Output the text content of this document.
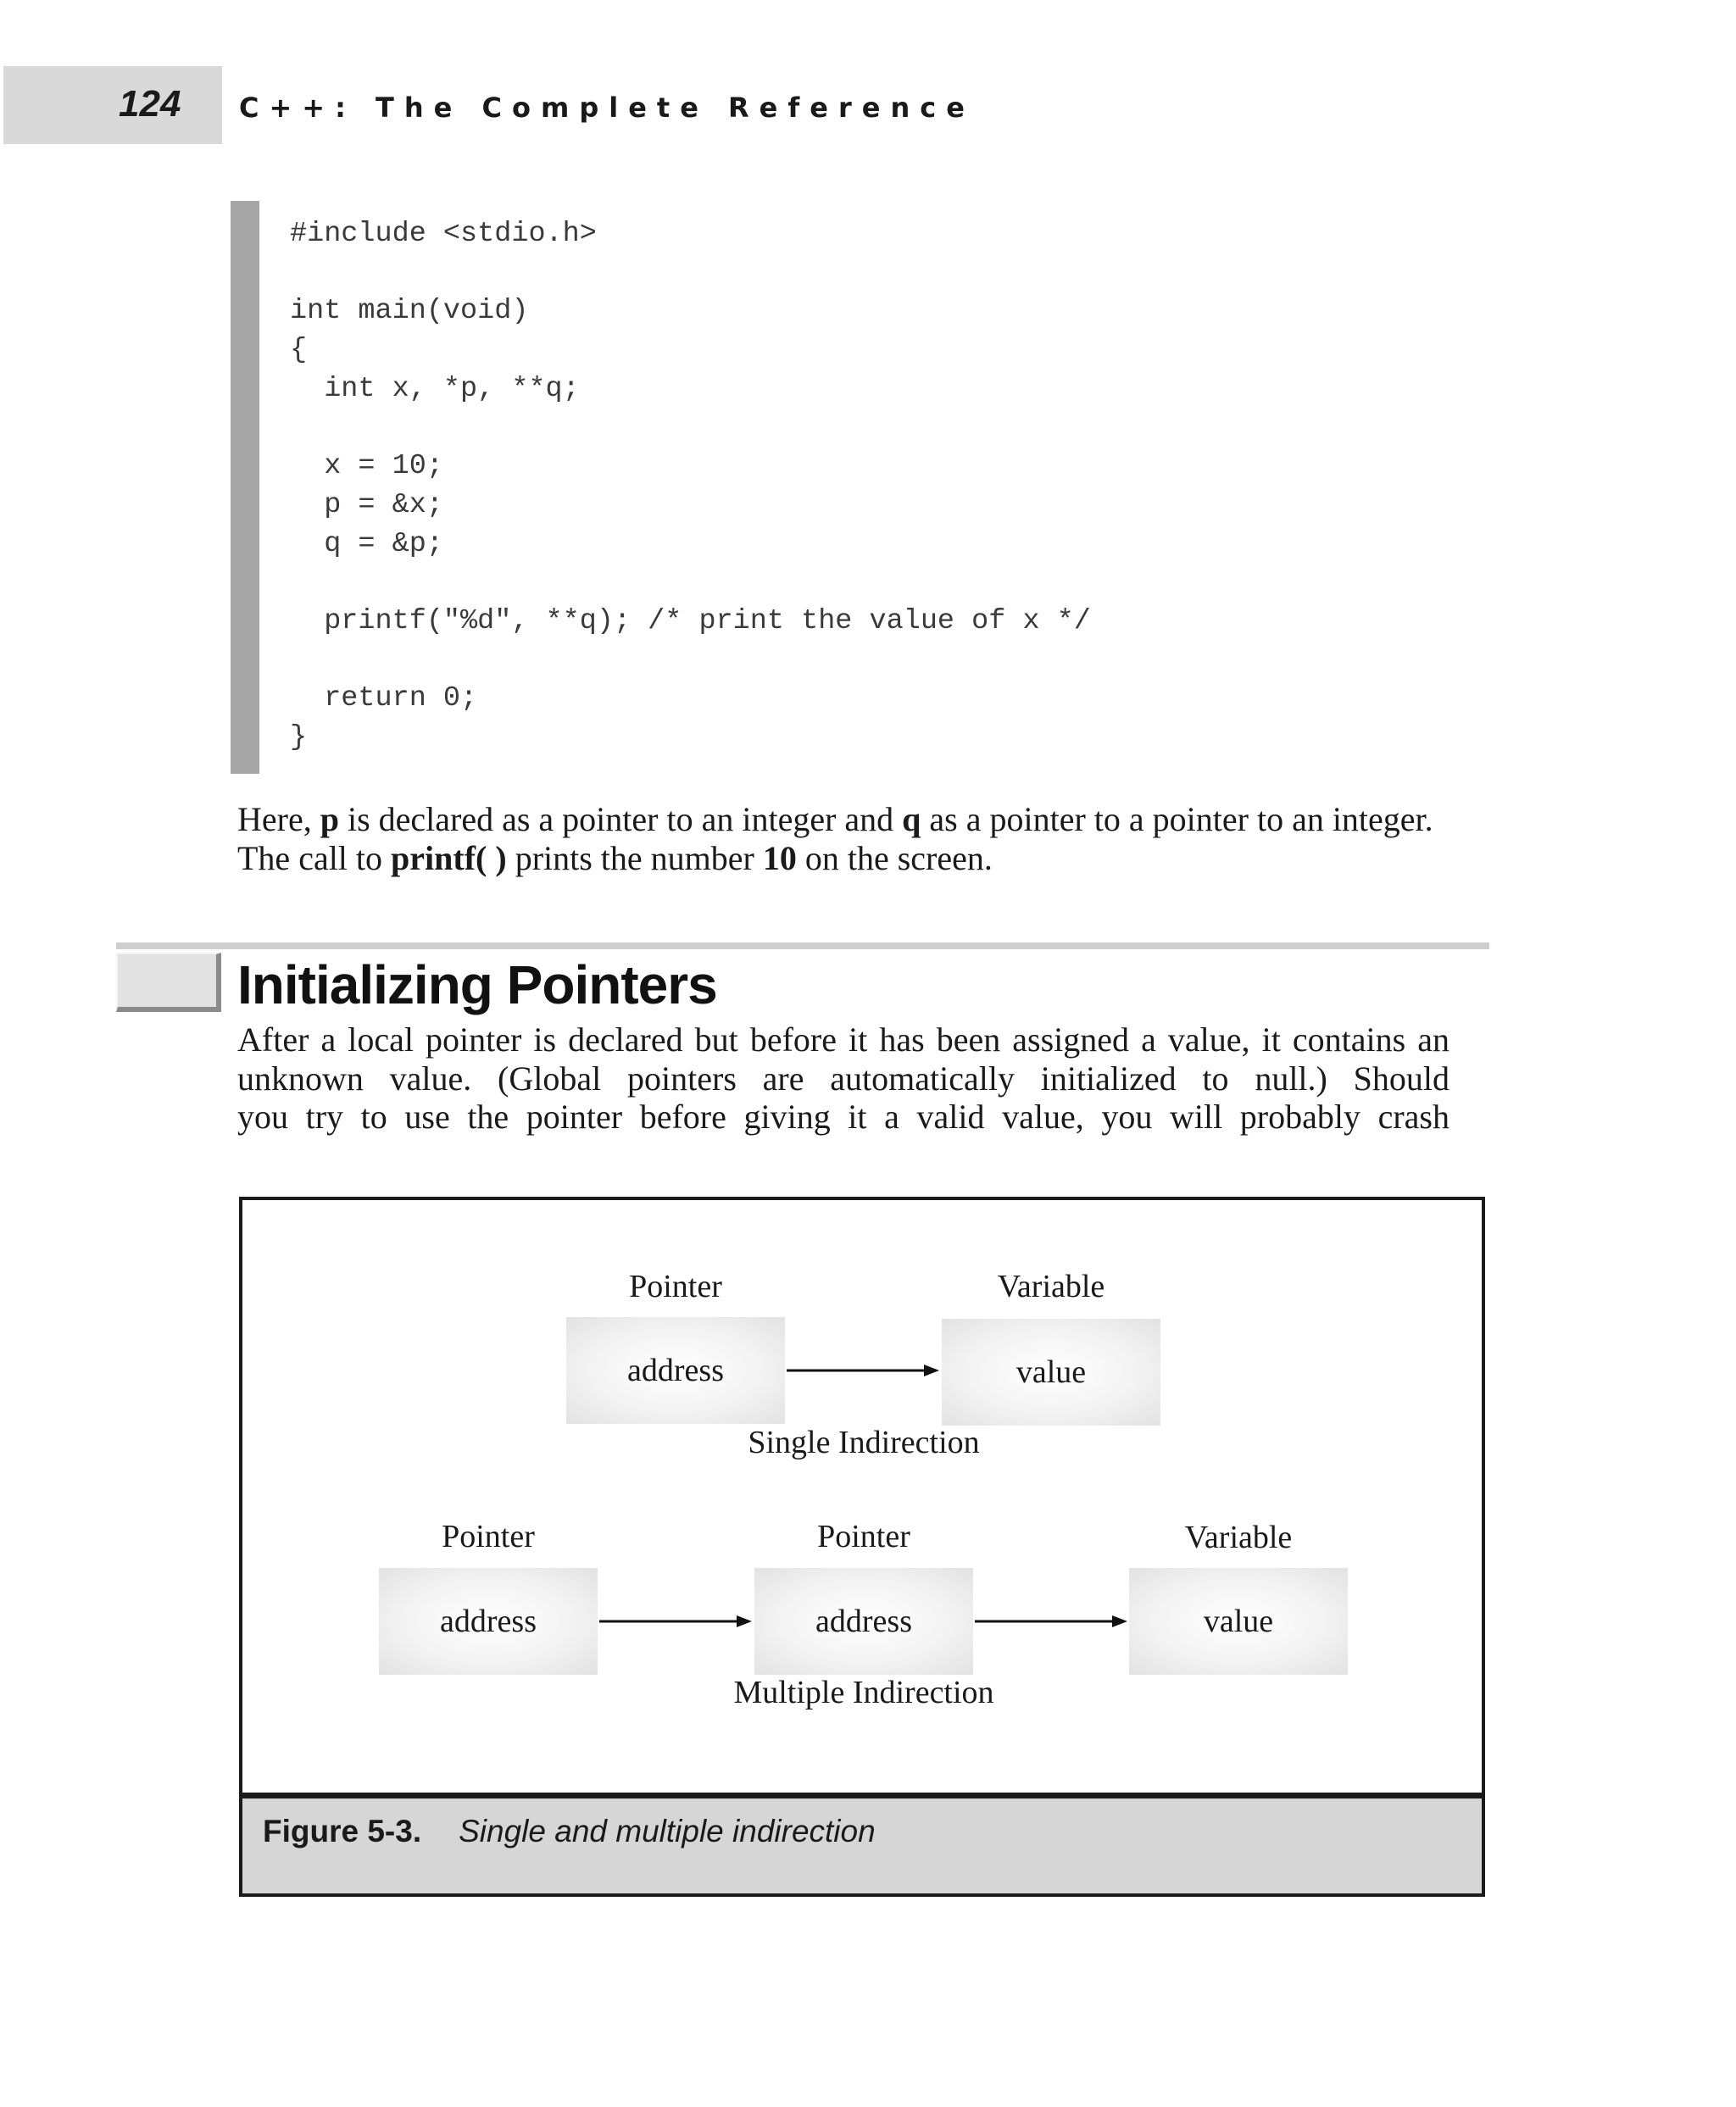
124 C++: The Complete Reference
#include <stdio.h>

int main(void)
{
int x, *p, **q;

x = 10;
p = &x;
q = &p;

printf("%d", **q); /* print the value of x */

return 0;
}

Here, p is declared as a pointer to an integer and q as a pointer to a pointer to an integer. The call to printf( ) prints the number 10 on the screen.

Initializing Pointers

After a local pointer is declared but before it has been assigned a value, it contains an unknown value. (Global pointers are automatically initialized to null.) Should
you try to use the pointer before giving it a valid value, you will probably crash

Pointer
address
Variable
value
Single Indirection
Pointer
address
Pointer
address
Variable
value
Multiple Indirection
Figure 5-3. Single and multiple indirection
